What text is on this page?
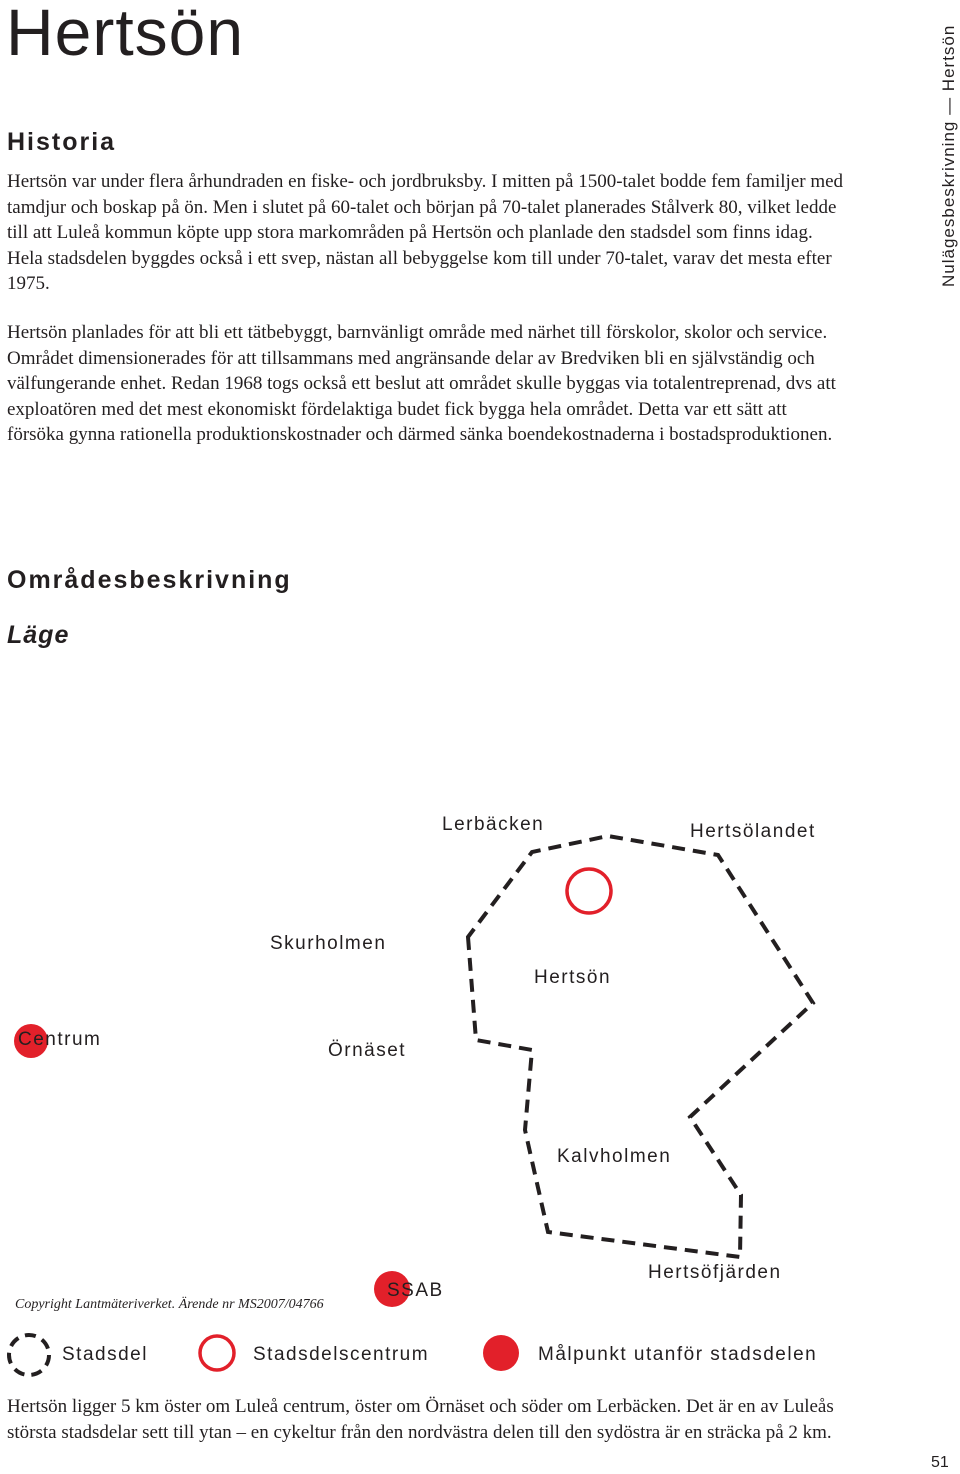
Hertsön	Nulägesbeskrivning — Hertsön
Historia

Hertsön var under flera århundraden en fiske- och jordbruksby. I mitten på 1500-talet bodde fem familjer med tamdjur och boskap på ön. Men i slutet på 60-talet och början på 70-talet planerades Stålverk 80, vilket ledde till att Luleå kommun köpte upp stora markområden på Hertsön och planlade den stadsdel som finns idag. Hela stadsdelen byggdes också i ett svep, nästan all bebyggelse kom till under 70-talet, varav det mesta efter 1975.

Hertsön planlades för att bli ett tätbebyggt, barnvänligt område med närhet till förskolor, skolor och service. Området dimensionerades för att tillsammans med angränsande delar av Bredviken bli en självständig och välfungerande enhet. Redan 1968 togs också ett beslut att området skulle byggas via totalentreprenad, dvs att exploatören med det mest ekonomiskt fördelaktiga budet fick bygga hela området. Detta var ett sätt att försöka gynna rationella produktionskostnader och därmed sänka boendekostnaderna i bostadsproduktionen.

Områdesbeskrivning
Läge
Lerbäcken	Hertsölandet
Skurholmen
Hertsön
Centrum
Örnäset
Kalvholmen
Hertsöfjärden
SSAB
Copyright Lantmäteriverket. Ärende nr MS2007/04766
Stadsdel	Stadsdelscentrum	Målpunkt utanför stadsdelen

Hertsön ligger 5 km öster om Luleå centrum, öster om Örnäset och söder om Lerbäcken. Det är en av Luleås största stadsdelar sett till ytan – en cykeltur från den nordvästra delen till den sydöstra är en sträcka på 2 km.

51
